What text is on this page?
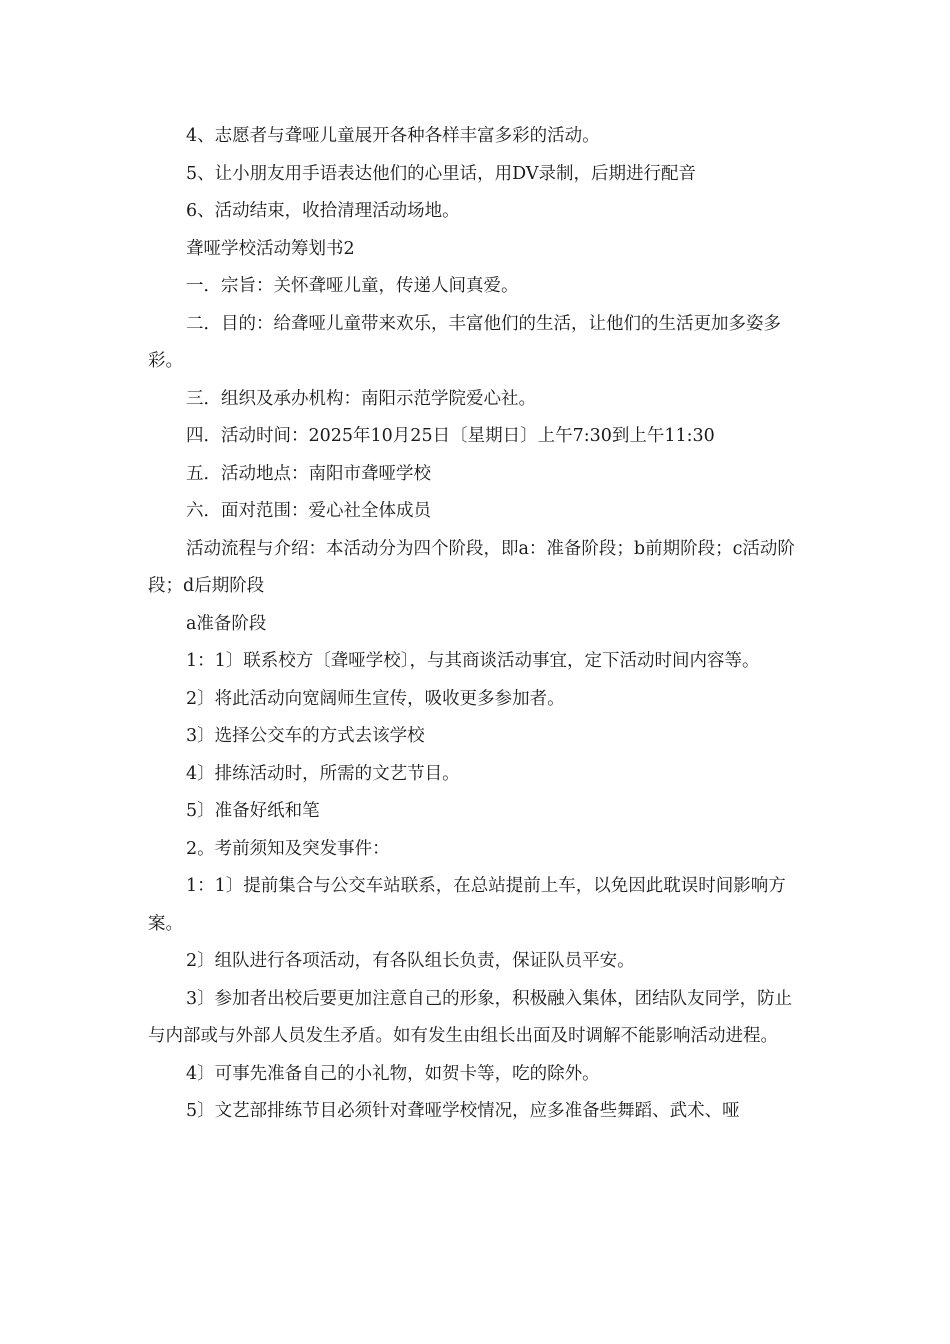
4、志愿者与聋哑儿童展开各种各样丰富多彩的活动。

5、让小朋友用手语表达他们的心里话，用DV录制，后期进行配音

6、活动结束，收拾清理活动场地。

聋哑学校活动筹划书2

一．宗旨：关怀聋哑儿童，传递人间真爱。

二．目的：给聋哑儿童带来欢乐，丰富他们的生活，让他们的生活更加多姿多彩。

三．组织及承办机构：南阳示范学院爱心社。

四．活动时间：2025年10月25日〔星期日〕上午7:30到上午11:30

五．活动地点：南阳市聋哑学校

六．面对范围：爱心社全体成员

活动流程与介绍：本活动分为四个阶段，即a：准备阶段；b前期阶段；c活动阶段；d后期阶段

a准备阶段

1：1〕联系校方〔聋哑学校〕，与其商谈活动事宜，定下活动时间内容等。

2〕将此活动向宽阔师生宣传，吸收更多参加者。

3〕选择公交车的方式去该学校

4〕排练活动时，所需的文艺节目。

5〕准备好纸和笔

2。考前须知及突发事件：

1：1〕提前集合与公交车站联系，在总站提前上车，以免因此耽误时间影响方案。

2〕组队进行各项活动，有各队组长负责，保证队员平安。

3〕参加者出校后要更加注意自己的形象，积极融入集体，团结队友同学，防止与内部或与外部人员发生矛盾。如有发生由组长出面及时调解不能影响活动进程。

4〕可事先准备自己的小礼物，如贺卡等，吃的除外。

5〕文艺部排练节目必须针对聋哑学校情况，应多准备些舞蹈、武术、哑
